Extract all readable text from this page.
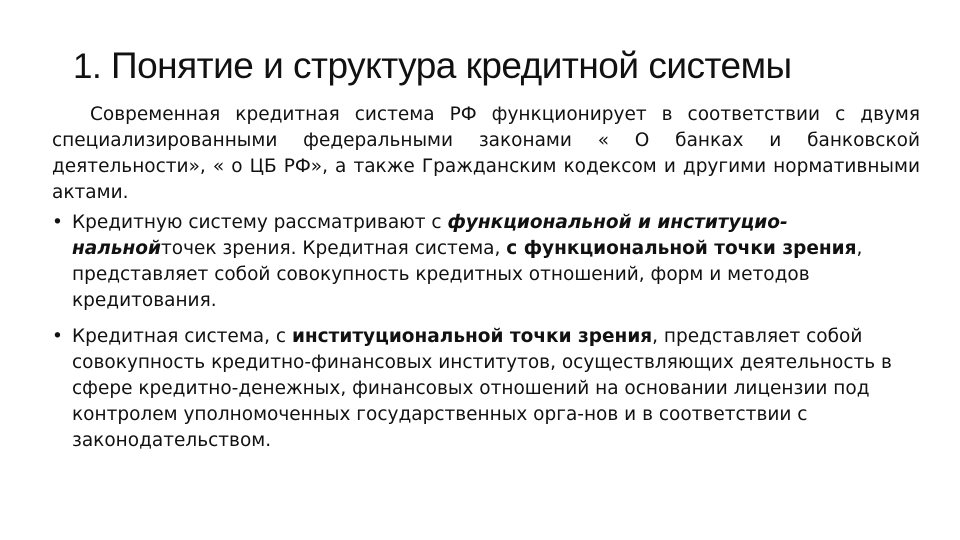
1. Понятие и структура кредитной системы

Современная кредитная система РФ функционирует в соответствии с двумя специализированными федеральными законами « О банках и банковской деятельности», « о ЦБ РФ», а также Гражданским кодексом и другими нормативными актами.

• Кредитную систему рассматривают с функциональной и институцио-нальнойточек зрения. Кредитная система, с функциональной точки зрения, представляет собой совокупность кредитных отношений, форм и методов кредитования.
• Кредитная система, с институциональной точки зрения, представляет собой совокупность кредитно-финансовых институтов, осуществляющих деятельность в сфере кредитно-денежных, финансовых отношений на основании лицензии под контролем уполномоченных государственных орга-нов и в соответствии с законодательством.
